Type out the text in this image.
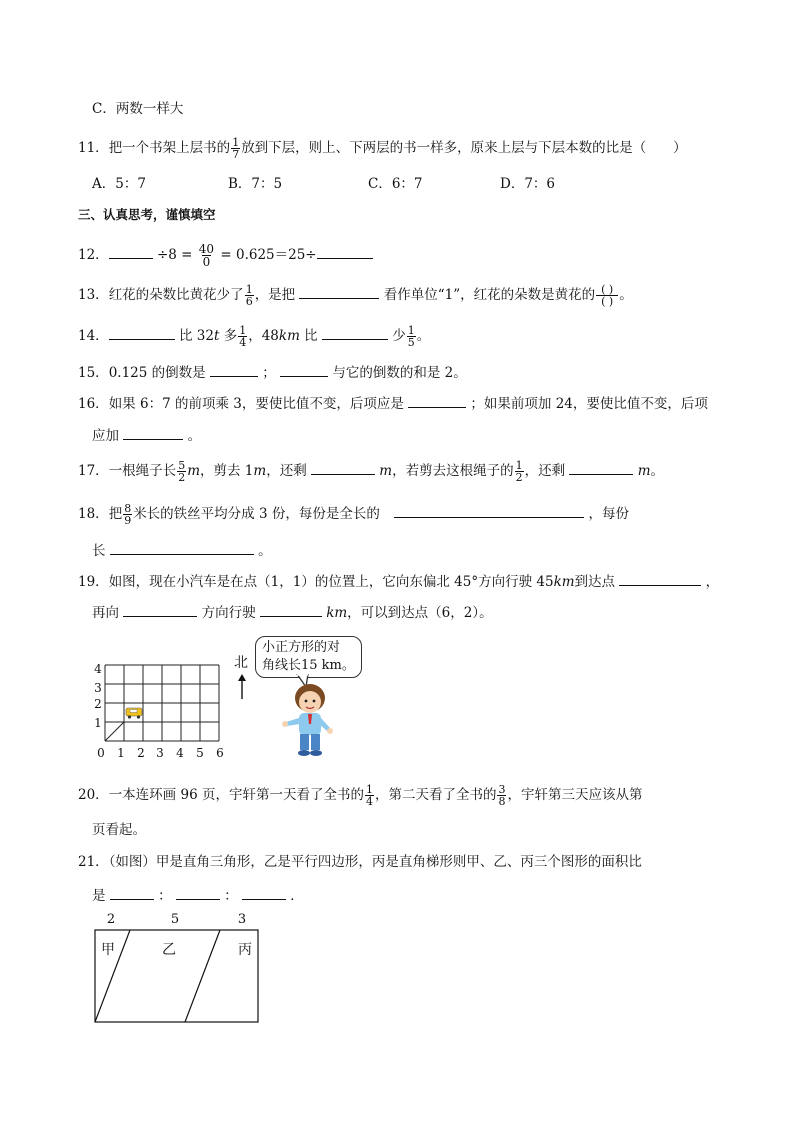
C．两数一样大
11．把一个书架上层书的 $\frac{1}{7}$ 放到下层，则上、下两层的书一样多，原来上层与下层本数的比是（　　）
A．5：7	B．7：5	C．6：7	D．7：6
三、认真思考，谨慎填空
12．	$\div 8 = \frac{40}{0} = 0.625=25\div$
13．红花的朵数比黄花少了 $\frac{1}{6}$ ，是把	看作单位“1”，红花的朵数是黄花的 $\frac{( )}{( )}$ 。
14．	比 32t 多 $\frac{1}{4}$ ，48km 比	少 $\frac{1}{5}$ 。
15．0.125 的倒数是	；	与它的倒数的和是 2。
16．如果 6：7 的前项乘 3，要使比值不变，后项应是	；如果前项加 24，要使比值不变，后项
应加	。
17．一根绳子长 $\frac{5}{2}$ m，剪去 1m，还剩	m，若剪去这根绳子的 $\frac{1}{2}$ ，还剩	m。
18．把 $\frac{8}{9}$ 米长的铁丝平均分成 3 份，每份是全长的	，每份
长	。
19．如图，现在小汽车是在点（1，1）的位置上，它向东偏北 45°方向行驶 45km到达点	，
再向	方向行驶	km，可以到达点（6，2）。
0 1 2 3 4 5 6
1
2
3
4	北
小正方形的对
角线长15 km。
20．一本连环画 96 页，宇轩第一天看了全书的 $\frac{1}{4}$ ，第二天看了全书的 $\frac{3}{8}$ ，宇轩第三天应该从第
页看起。
21．（如图）甲是直角三角形，乙是平行四边形，丙是直角梯形则甲、乙、丙三个图形的面积比
是	：	：	．
2	5	3
甲	乙	丙
